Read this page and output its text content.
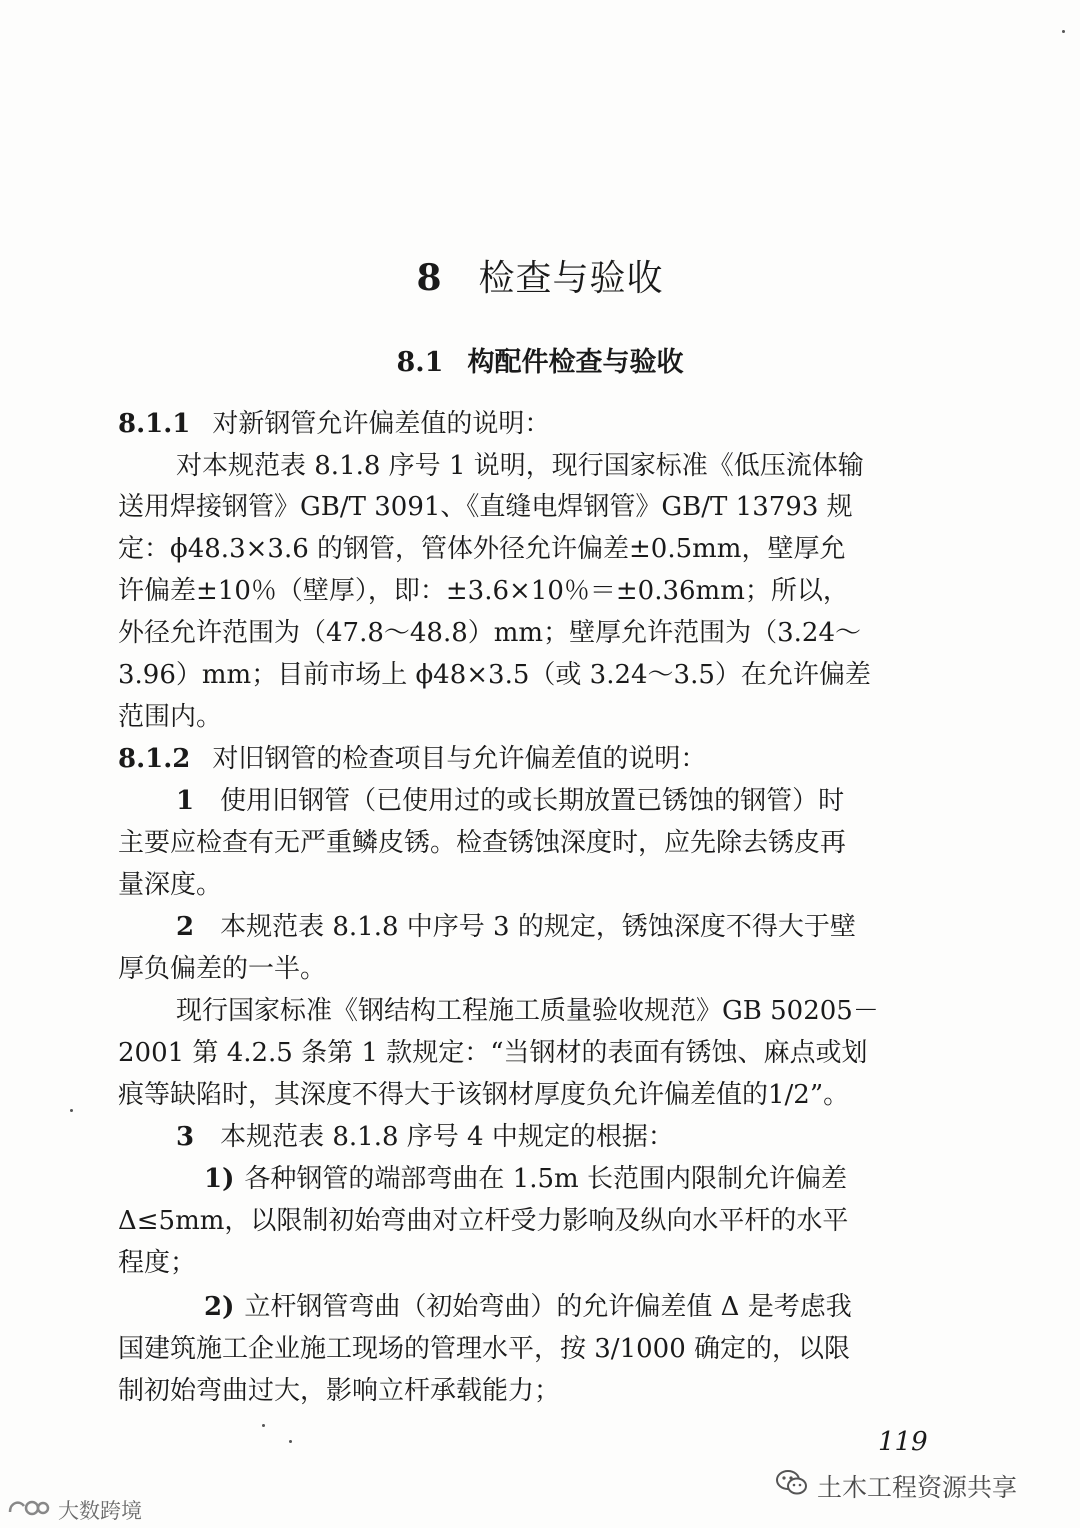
8 检查与验收
8.1 构配件检查与验收
8.1.1 对新钢管允许偏差值的说明：
对本规范表 8.1.8 序号 1 说明，现行国家标准《低压流体输
送用焊接钢管》GB/T 3091、《直缝电焊钢管》GB/T 13793 规
定：ϕ48.3×3.6 的钢管，管体外径允许偏差±0.5mm，壁厚允
许偏差±10％（壁厚），即：±3.6×10％＝±0.36mm；所以，
外径允许范围为（47.8～48.8）mm；壁厚允许范围为（3.24～
3.96）mm；目前市场上 ϕ48×3.5（或 3.24～3.5）在允许偏差
范围内。
8.1.2 对旧钢管的检查项目与允许偏差值的说明：
1 使用旧钢管（已使用过的或长期放置已锈蚀的钢管）时
主要应检查有无严重鳞皮锈。检查锈蚀深度时，应先除去锈皮再
量深度。
2 本规范表 8.1.8 中序号 3 的规定，锈蚀深度不得大于壁
厚负偏差的一半。
现行国家标准《钢结构工程施工质量验收规范》GB 50205－
2001 第 4.2.5 条第 1 款规定：“当钢材的表面有锈蚀、麻点或划
痕等缺陷时，其深度不得大于该钢材厚度负允许偏差值的1/2”。
3 本规范表 8.1.8 序号 4 中规定的根据：
1) 各种钢管的端部弯曲在 1.5m 长范围内限制允许偏差
Δ≤5mm，以限制初始弯曲对立杆受力影响及纵向水平杆的水平
程度；
2) 立杆钢管弯曲（初始弯曲）的允许偏差值 Δ 是考虑我
国建筑施工企业施工现场的管理水平，按 3/1000 确定的，以限
制初始弯曲过大，影响立杆承载能力；
119
土木工程资源共享
大数跨境
